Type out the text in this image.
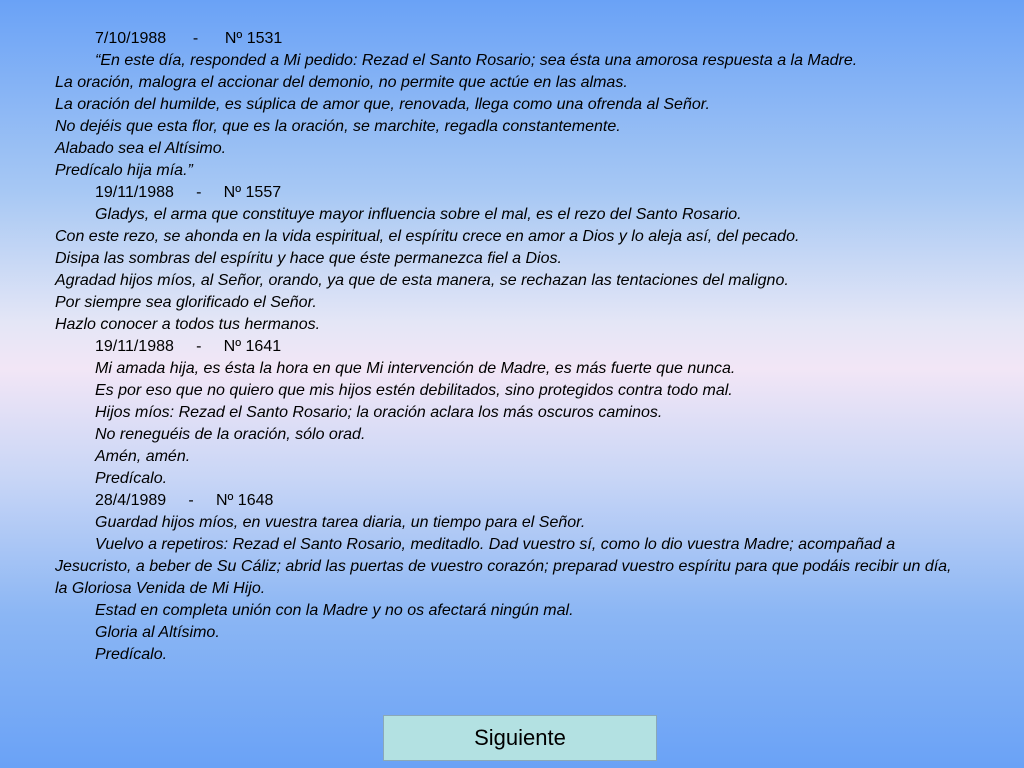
7/10/1988      -      Nº 1531
“En este día, responded a Mi pedido: Rezad el Santo Rosario; sea ésta una amorosa respuesta a la Madre.
La oración, malogra el accionar del demonio, no permite que actúe en las almas.
La oración del humilde, es súplica de amor que, renovada, llega como una ofrenda al Señor.
No dejéis que esta flor, que es la oración, se marchite, regadla constantemente.
Alabado sea el Altísimo.
Predícalo hija mía.”
19/11/1988     -     Nº 1557
Gladys, el arma que constituye mayor influencia sobre el mal, es el rezo del Santo Rosario.
Con este rezo, se ahonda en la vida espiritual, el espíritu crece en amor a Dios y lo aleja así, del pecado.
Disipa las sombras del espíritu y hace que éste permanezca fiel a Dios.
Agradad hijos míos, al Señor, orando, ya que de esta manera, se rechazan las tentaciones del maligno.
Por siempre sea glorificado el Señor.
Hazlo conocer a todos tus hermanos.
19/11/1988     -     Nº 1641
Mi amada hija, es ésta la hora en que Mi intervención de Madre, es más fuerte que nunca.
Es por eso que no quiero que mis hijos estén debilitados, sino protegidos contra todo mal.
Hijos míos: Rezad el Santo Rosario; la oración aclara los más oscuros caminos.
No reneguéis de la oración, sólo orad.
Amén, amén.
Predícalo.
28/4/1989     -     Nº 1648
Guardad hijos míos, en vuestra tarea diaria, un tiempo para el Señor.
Vuelvo a repetiros: Rezad el Santo Rosario, meditadlo. Dad vuestro sí, como lo dio vuestra Madre; acompañad a Jesucristo, a beber de Su Cáliz; abrid las puertas de vuestro corazón; preparad vuestro espíritu para que podáis recibir un día, la Gloriosa Venida de Mi Hijo.
Estad en completa unión con la Madre y no os afectará ningún mal.
Gloria al Altísimo.
Predícalo.
Siguiente
